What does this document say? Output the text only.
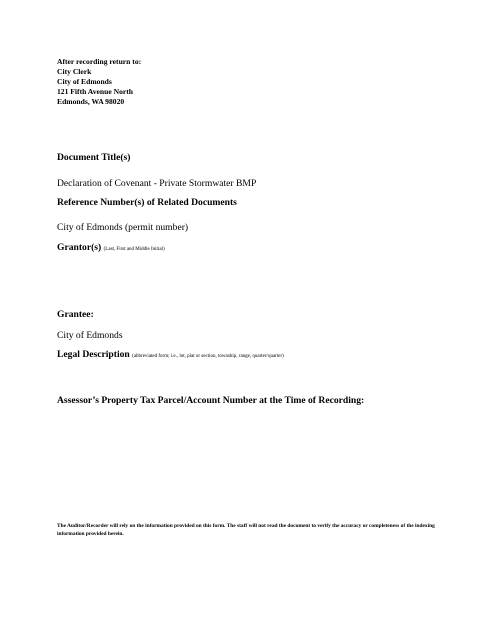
After recording return to:
City Clerk
City of Edmonds
121 Fifth Avenue North
Edmonds, WA 98020
Document Title(s)
Declaration of Covenant - Private Stormwater BMP
Reference Number(s) of Related Documents
City of Edmonds (permit number)
Grantor(s) (Last, First and Middle Initial)
Grantee:
City of Edmonds
Legal Description (abbreviated form; i.e., lot, plat or section, township, range, quarter/quarter)
Assessor’s Property Tax Parcel/Account Number at the Time of Recording:
The Auditor/Recorder will rely on the information provided on this form. The staff will not read the document to verify the accuracy or completeness of the indexing information provided herein.
